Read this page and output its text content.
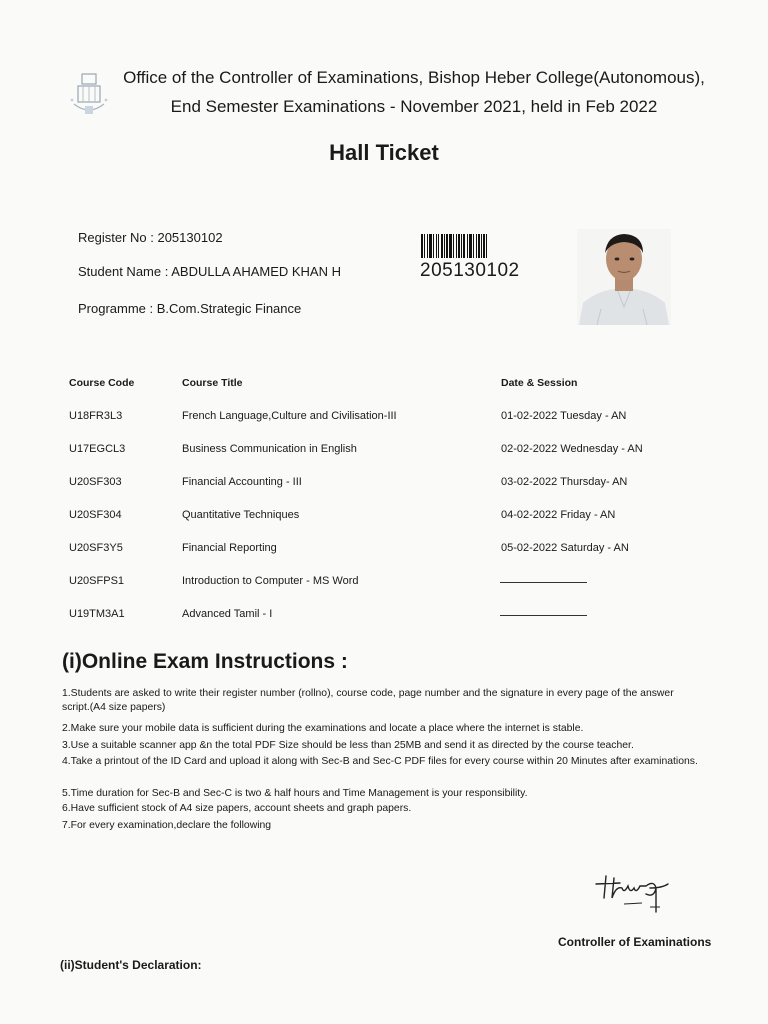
Office of the Controller of Examinations, Bishop Heber College(Autonomous),
End Semester Examinations - November 2021, held in Feb 2022
Hall Ticket
Register No : 205130102
Student Name : ABDULLA AHAMED KHAN H
Programme : B.Com.Strategic Finance
205130102
Course Code	Course Title	Date & Session
U18FR3L3	French Language,Culture and Civilisation-III	01-02-2022 Tuesday - AN
U17EGCL3	Business Communication in English	02-02-2022 Wednesday - AN
U20SF303	Financial Accounting - III	03-02-2022 Thursday- AN
U20SF304	Quantitative Techniques	04-02-2022 Friday - AN
U20SF3Y5	Financial Reporting	05-02-2022 Saturday - AN
U20SFPS1	Introduction to Computer - MS Word
U19TM3A1	Advanced Tamil - I
(i)Online Exam Instructions :
1.Students are asked to write their register number (rollno), course code, page number and the signature in every page of the answer script.(A4 size papers)
2.Make sure your mobile data is sufficient during the examinations and locate a place where the internet is stable.
3.Use a suitable scanner app &n the total PDF Size should be less than 25MB and send it as directed by the course teacher.
4.Take a printout of the ID Card and upload it along with Sec-B and Sec-C PDF files for every course within 20 Minutes after examinations.
5.Time duration for Sec-B and Sec-C is two & half hours and Time Management is your responsibility.
6.Have sufficient stock of A4 size papers, account sheets and graph papers.
7.For every examination,declare the following
Controller of Examinations
(ii)Student's Declaration:
